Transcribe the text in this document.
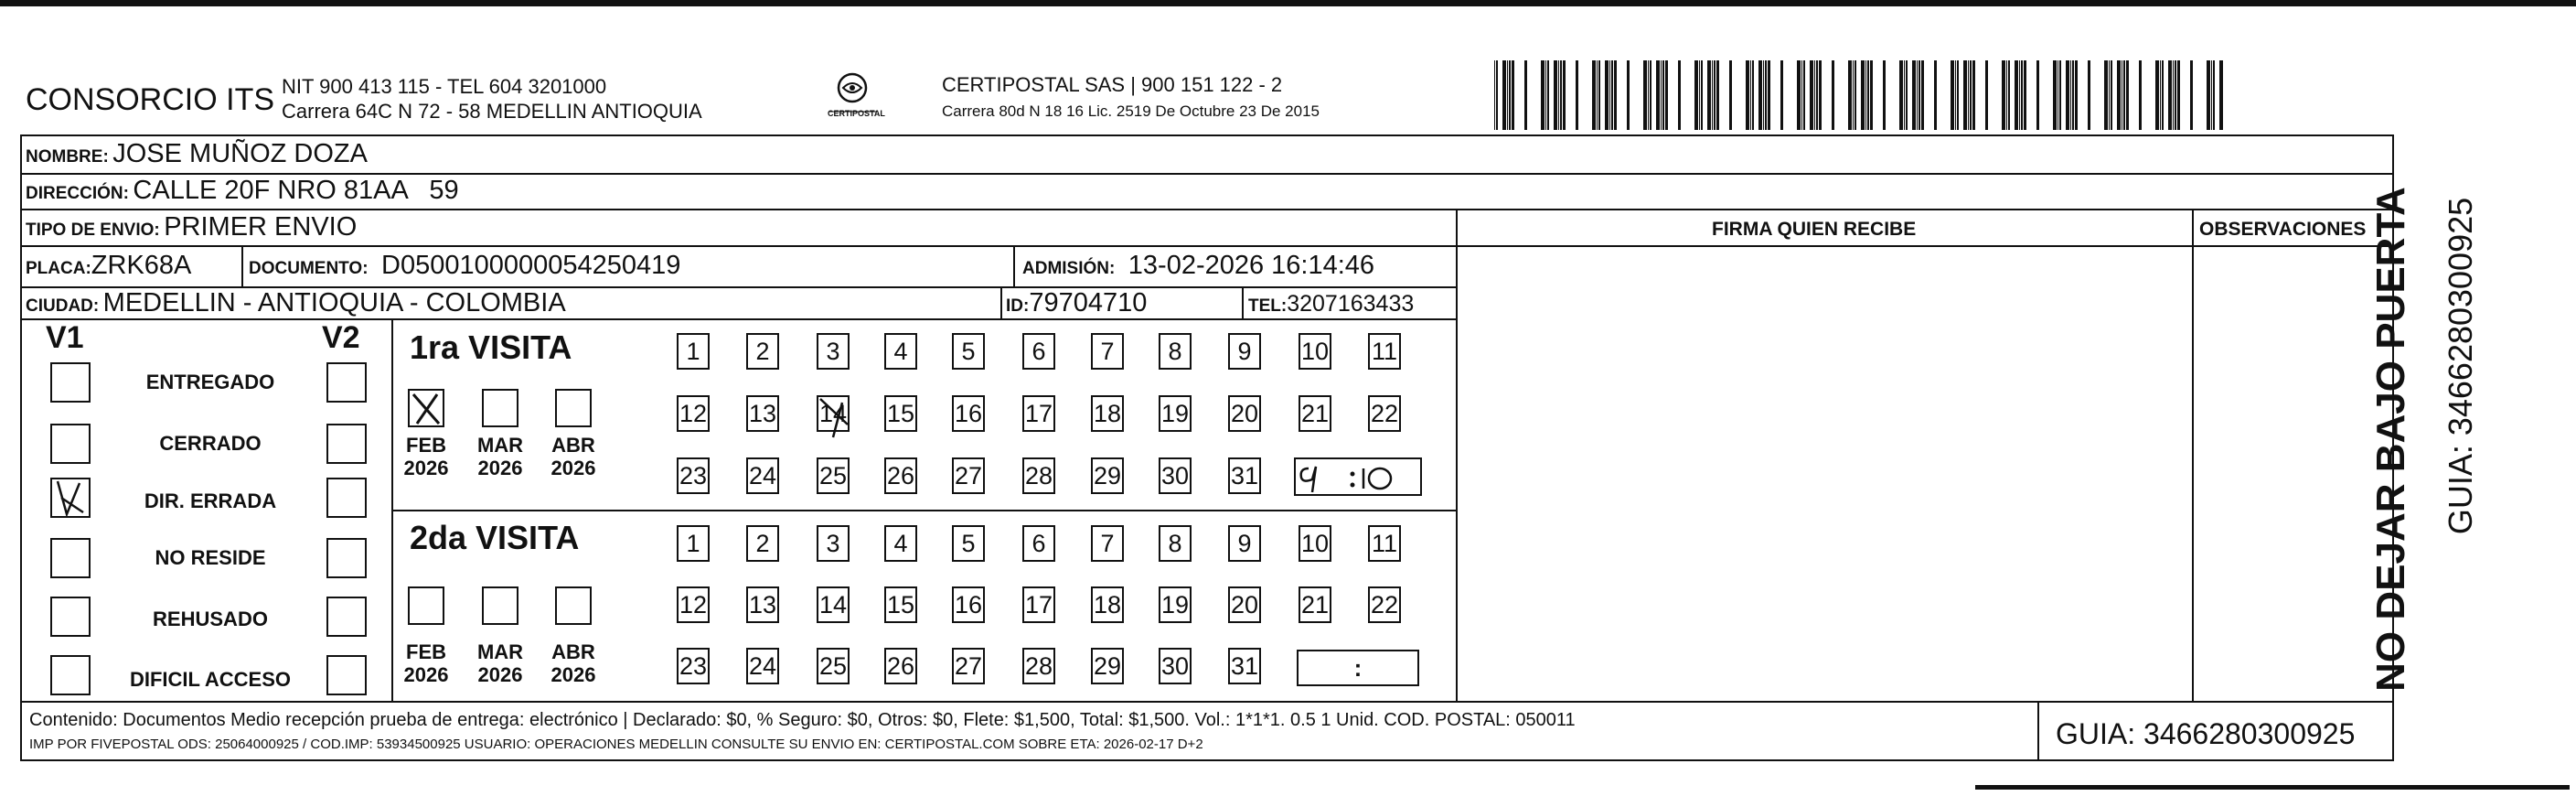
CONSORCIO ITS NIT 900 413 115 - TEL 604 3201000
Carrera 64C N 72 - 58 MEDELLIN ANTIOQUIA	CERTIPOSTAL
CERTIPOSTAL SAS | 900 151 122 - 2
Carrera 80d N 18 16 Lic. 2519 De Octubre 23 De 2015
NOMBRE: JOSE MUÑOZ DOZA
DIRECCIÓN: CALLE 20F NRO 81AA   59
TIPO DE ENVIO: PRIMER ENVIO	FIRMA QUIEN RECIBE	OBSERVACIONES
PLACA:ZRK68A	DOCUMENTO: D0500100000054250419	ADMISIÓN: 13-02-2026 16:14:46
CIUDAD: MEDELLIN - ANTIOQUIA - COLOMBIA	ID:79704710	TEL:3207163433
V1	V2
ENTREGADO
CERRADO
DIR. ERRADA
NO RESIDE
REHUSADO
DIFICIL ACCESO
1ra VISITA
2da VISITA
FEB
2026
MAR
2026
ABR
2026
FEB
2026
MAR
2026
ABR
2026
1	2	3	4	5	6	7	8	9	10 11
12 13 14 15 16 17 18 19 20 21 22
23 24 25 26 27 28 29 30 31
1	2	3	4	5	6	7	8	9	10 11
12 13 14 15 16 17 18 19 20 21 22
23 24 25 26 27 28 29 30 31	:
Contenido: Documentos Medio recepción prueba de entrega: electrónico | Declarado: $0, % Seguro: $0, Otros: $0, Flete: $1,500, Total: $1,500. Vol.: 1*1*1. 0.5 1 Unid. COD. POSTAL: 050011
IMP POR FIVEPOSTAL ODS: 25064000925 / COD.IMP: 53934500925 USUARIO: OPERACIONES MEDELLIN CONSULTE SU ENVIO EN: CERTIPOSTAL.COM SOBRE ETA: 2026-02-17 D+2	GUIA: 3466280300925
NO DEJAR BAJO PUERTA GUIA: 3466280300925
